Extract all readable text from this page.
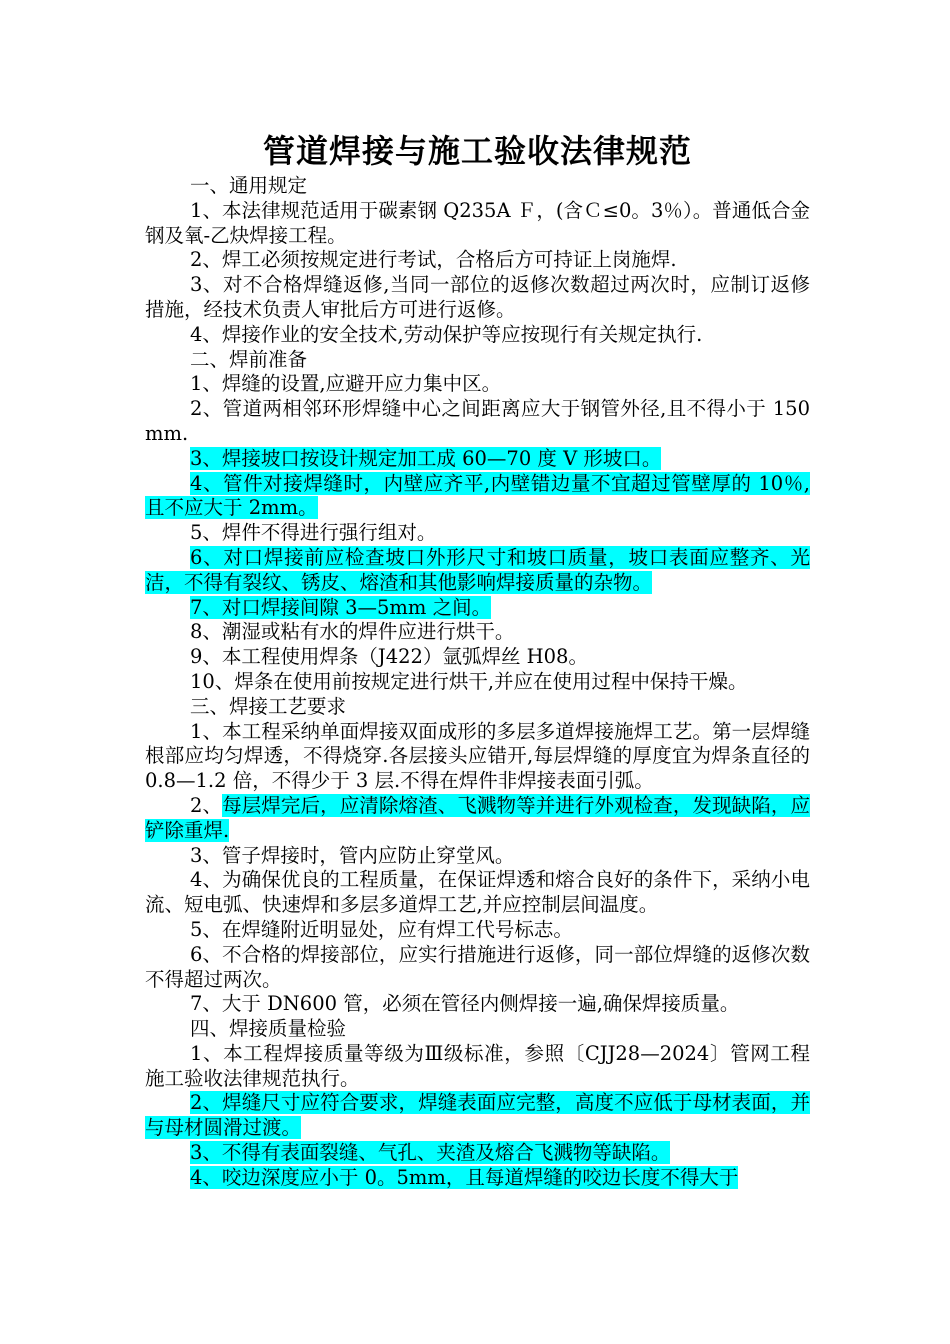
管道焊接与施工验收法律规范

一、通用规定

1、本法律规范适用于碳素钢 Q235A Ｆ，(含Ｃ≤0。3％）。普通低合金钢及氧-乙炔焊接工程。

2、焊工必须按规定进行考试，合格后方可持证上岗施焊.

3、对不合格焊缝返修,当同一部位的返修次数超过两次时，应制订返修措施，经技术负责人审批后方可进行返修。

4、焊接作业的安全技术,劳动保护等应按现行有关规定执行.

二、焊前准备

1、焊缝的设置,应避开应力集中区。

2、管道两相邻环形焊缝中心之间距离应大于钢管外径,且不得小于 150mm.

3、焊接坡口按设计规定加工成 60—70 度 V 形坡口。

4、管件对接焊缝时，内壁应齐平,内壁错边量不宜超过管壁厚的 10％,且不应大于 2mm。

5、焊件不得进行强行组对。

6、对口焊接前应检查坡口外形尺寸和坡口质量，坡口表面应整齐、光洁，不得有裂纹、锈皮、熔渣和其他影响焊接质量的杂物。

7、对口焊接间隙 3—5mm 之间。

8、潮湿或粘有水的焊件应进行烘干。

9、本工程使用焊条（J422）氩弧焊丝 H08。

10、焊条在使用前按规定进行烘干,并应在使用过程中保持干燥。

三、焊接工艺要求

1、本工程采纳单面焊接双面成形的多层多道焊接施焊工艺。第一层焊缝根部应均匀焊透，不得烧穿.各层接头应错开,每层焊缝的厚度宜为焊条直径的 0.8—1.2 倍，不得少于 3 层.不得在焊件非焊接表面引弧。

2、每层焊完后，应清除熔渣、飞溅物等并进行外观检查，发现缺陷，应铲除重焊.

3、管子焊接时，管内应防止穿堂风。

4、为确保优良的工程质量，在保证焊透和熔合良好的条件下，采纳小电流、短电弧、快速焊和多层多道焊工艺,并应控制层间温度。

5、在焊缝附近明显处，应有焊工代号标志。

6、不合格的焊接部位，应实行措施进行返修，同一部位焊缝的返修次数不得超过两次。

7、大于 DN600 管，必须在管径内侧焊接一遍,确保焊接质量。

四、焊接质量检验

1、本工程焊接质量等级为Ⅲ级标准，参照〔CJJ28—2024〕管网工程施工验收法律规范执行。

2、焊缝尺寸应符合要求，焊缝表面应完整，高度不应低于母材表面，并与母材圆滑过渡。

3、不得有表面裂缝、气孔、夹渣及熔合飞溅物等缺陷。

4、咬边深度应小于 0。5mm，且每道焊缝的咬边长度不得大于
